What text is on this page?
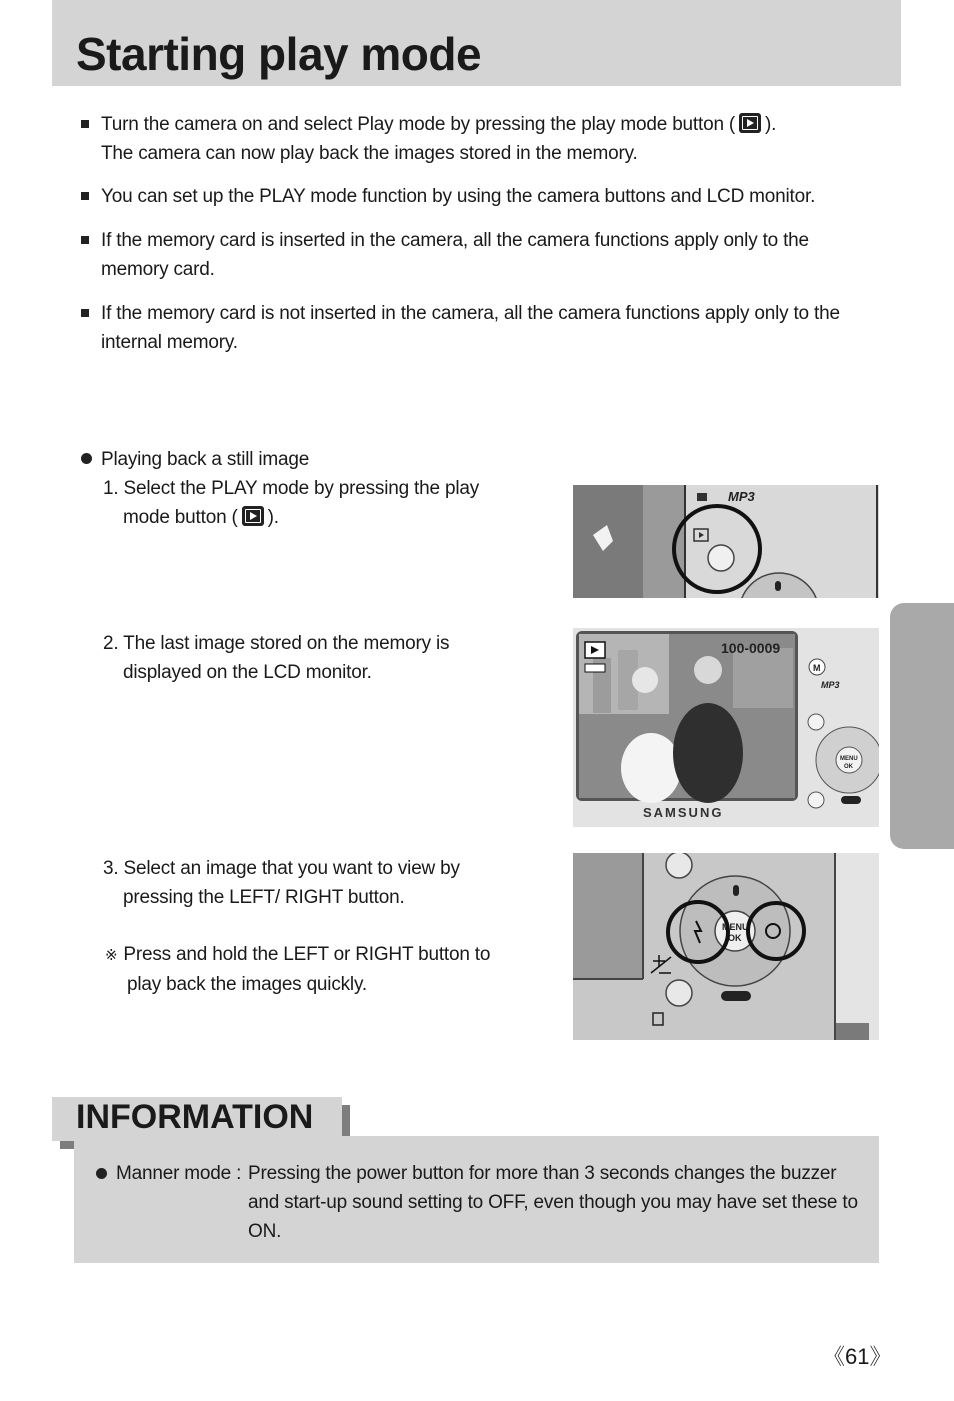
Starting play mode
Turn the camera on and select Play mode by pressing the play mode button ( ).
The camera can now play back the images stored in the memory.
You can set up the PLAY mode function by using the camera buttons and LCD monitor.
If the memory card is inserted in the camera, all the camera functions apply only to the memory card.
If the memory card is not inserted in the camera, all the camera functions apply only to the internal memory.
Playing back a still image
1. Select the PLAY mode by pressing the play
mode button ( ).
2. The last image stored on the memory is
displayed on the LCD monitor.
3. Select an image that you want to view by
pressing the LEFT/ RIGHT button.
※ Press and hold the LEFT or RIGHT button to
play back the images quickly.
MP3
100-0009
SAMSUNG
M
MP3
MENU
OK
MENU
OK
INFORMATION
Manner mode : Pressing the power button for more than 3 seconds changes the buzzer and start-up sound setting to OFF, even though you may have set these to ON.
《61》
